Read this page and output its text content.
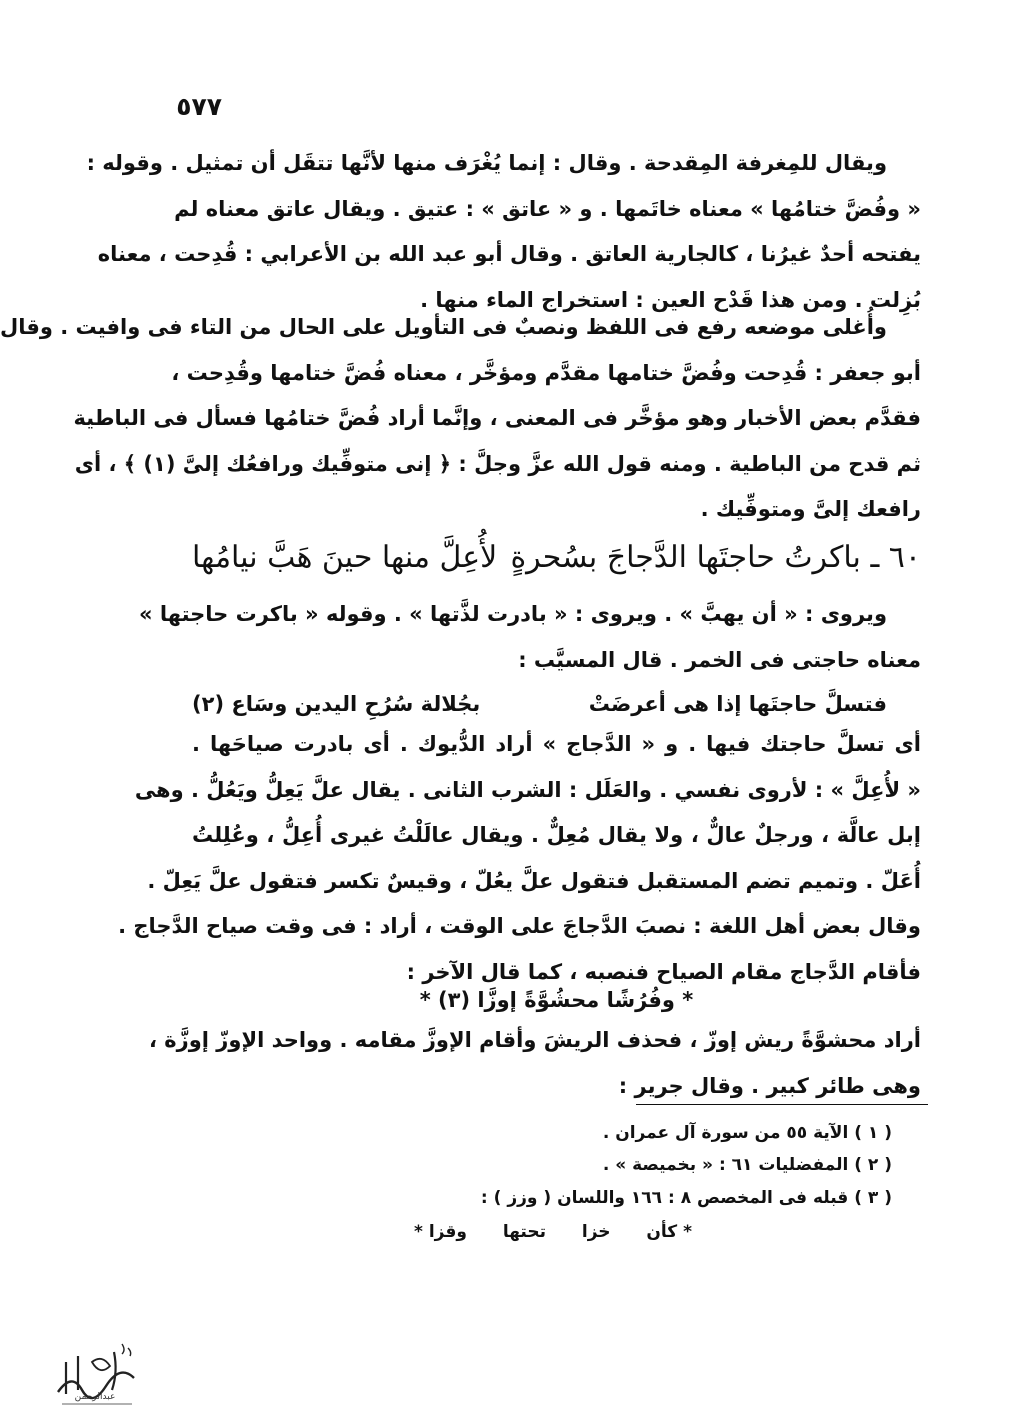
٥٧٧
ويقال للمِغرفة المِقدحة . وقال : إنما يُغْرَف منها لأنَّها تتقَل أن تمثيل . وقوله :
« وفُضَّ ختامُها » معناه خاتَمها . و « عاتق » : عتيق . ويقال عاتق معناه لم
يفتحه أحدٌ غيرُنا ، كالجارية العاتق . وقال أبو عبد الله بن الأعرابي : قُدِحت ، معناه
بُزِلت . ومن هذا قَدْح العين : استخراج الماء منها .
وأُغلى موضعه رفع فى اللفظ ونصبٌ فى التأويل على الحال من التاء فى وافيت . وقال
أبو جعفر : قُدِحت وفُضَّ ختامها مقدَّم ومؤخَّر ، معناه فُضَّ ختامها وقُدِحت ،
فقدَّم بعض الأخبار وهو مؤخَّر فى المعنى ، وإنَّما أراد فُضَّ ختامُها فسأل فى الباطية
ثم قدح من الباطية . ومنه قول الله عزَّ وجلَّ : ﴿ إنى متوفِّيك ورافعُك إلىَّ (١) ﴾ ، أى
رافعك إلىَّ ومتوفِّيك .
٦٠ ـ باكرتُ حاجتَها الدَّجاجَ بسُحرةٍ
لأُعِلَّ منها حينَ هَبَّ نيامُها
ويروى : « أن يهبَّ » . ويروى : « بادرت لذَّتها » . وقوله « باكرت حاجتها »
معناه حاجتى فى الخمر . قال المسيَّب :
فتسلَّ حاجتَها إذا هى أعرضَتْ
بجُلالة سُرُحِ اليدين وسَاع (٢)
أى تسلَّ حاجتك فيها . و « الدَّجاج » أراد الدُّيوك . أى بادرت صياحَها .
« لأُعِلَّ » : لأروى نفسي . والعَلَل : الشرب الثانى . يقال علَّ يَعِلُّ ويَعُلُّ . وهى
إبل عالَّة ، ورجلٌ عالٌّ ، ولا يقال مُعِلٌّ . ويقال عالَلْتُ غيرى أُعِلُّ ، وعُلِلتُ
أُعَلّ . وتميم تضم المستقبل فتقول علَّ يعُلّ ، وقيسٌ تكسر فتقول علَّ يَعِلّ .
وقال بعض أهل اللغة : نصبَ الدَّجاجَ على الوقت ، أراد : فى وقت صياح الدَّجاج .
فأقام الدَّجاج مقام الصياح فنصبه ، كما قال الآخر :
* وفُرُشًا محشُوَّةً إوزَّا (٣) *
أراد محشوَّةً ريش إوزّ ، فحذف الريشَ وأقام الإوزَّ مقامه . وواحد الإوزّ إوزَّة ،
وهى طائر كبير . وقال جرير :
( ١ ) الآية ٥٥ من سورة آل عمران .
( ٢ ) المفضليات ٦١ : « بخميصة » .
( ٣ ) قبله فى المخصص ٨ : ١٦٦ واللسان ( وزز ) :
* كأن
خزا
تحتها
وقزا *
عبدالرحمن
